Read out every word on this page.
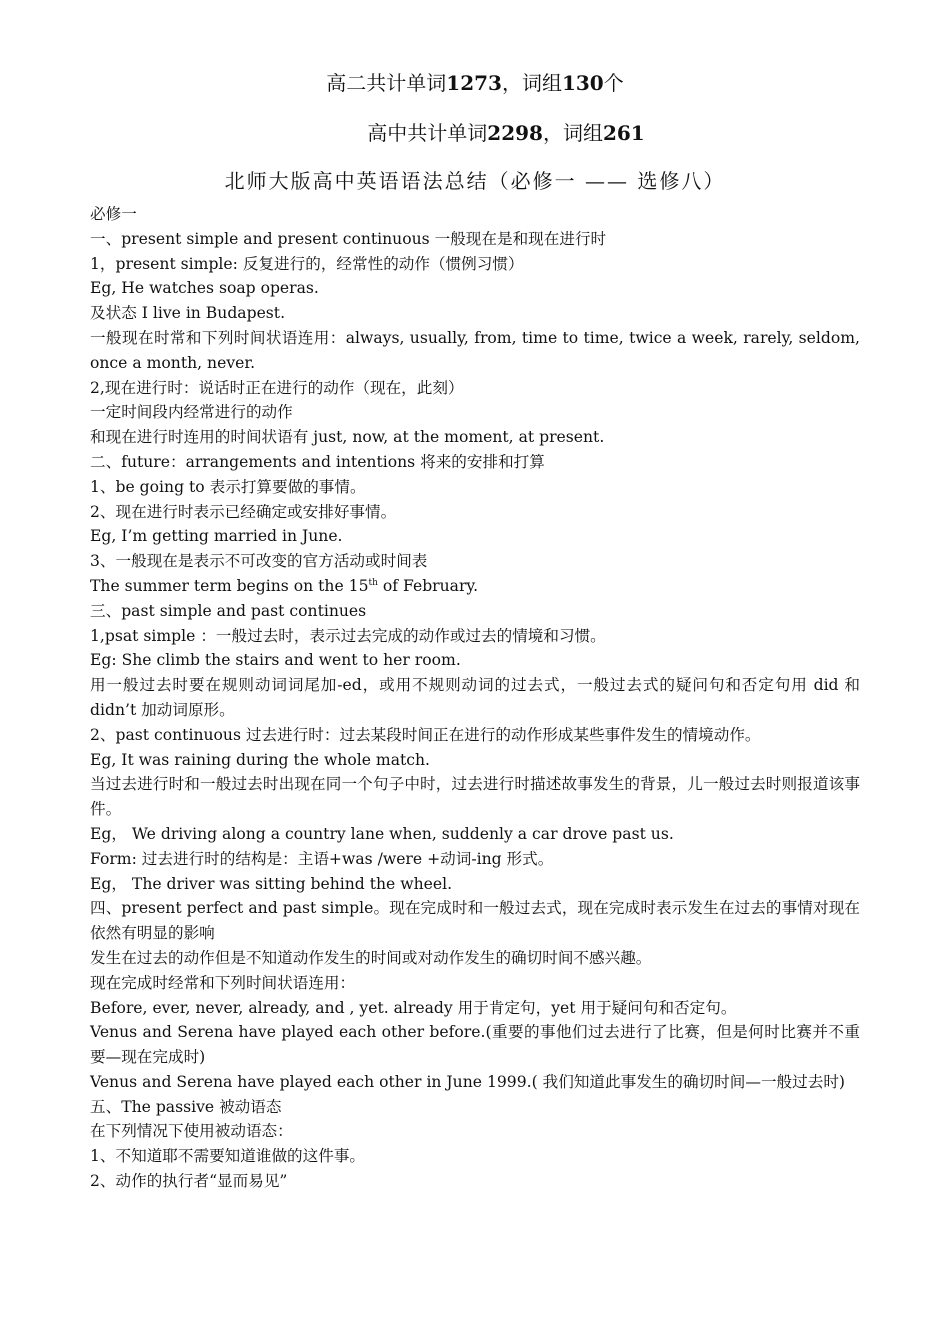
高二共计单词1273，词组130个
高中共计单词2298，词组261
北师大版高中英语语法总结（必修一 —— 选修八）

必修一

一、present simple and present continuous 一般现在是和现在进行时

1，present simple: 反复进行的，经常性的动作（惯例习惯）

Eg, He watches soap operas.

及状态 I live in Budapest.

一般现在时常和下列时间状语连用：always, usually, from, time to time, twice a week, rarely, seldom, once a month, never.

2,现在进行时：说话时正在进行的动作（现在，此刻）

一定时间段内经常进行的动作

和现在进行时连用的时间状语有 just, now, at the moment, at present.

二、future：arrangements and intentions 将来的安排和打算

1、be going to 表示打算要做的事情。

2、现在进行时表示已经确定或安排好事情。

Eg, I’m getting married in June.

3、一般现在是表示不可改变的官方活动或时间表

The summer term begins on the 15th of February.

三、past simple and past continues

1,psat simple ：一般过去时，表示过去完成的动作或过去的情境和习惯。

Eg: She climb the stairs and went to her room.

用一般过去时要在规则动词词尾加-ed，或用不规则动词的过去式，一般过去式的疑问句和否定句用 did 和 didn’t 加动词原形。

2、past continuous 过去进行时：过去某段时间正在进行的动作形成某些事件发生的情境动作。

Eg, It was raining during the whole match.

当过去进行时和一般过去时出现在同一个句子中时，过去进行时描述故事发生的背景，儿一般过去时则报道该事件。

Eg， We driving along a country lane when, suddenly a car drove past us.

Form: 过去进行时的结构是：主语+was /were +动词-ing 形式。

Eg， The driver was sitting behind the wheel.

四、present perfect and past simple。现在完成时和一般过去式，现在完成时表示发生在过去的事情对现在依然有明显的影响

发生在过去的动作但是不知道动作发生的时间或对动作发生的确切时间不感兴趣。

现在完成时经常和下列时间状语连用：

Before, ever, never, already, and , yet. already 用于肯定句，yet 用于疑问句和否定句。

Venus and Serena have played each other before.(重要的事他们过去进行了比赛，但是何时比赛并不重要—现在完成时)

Venus and Serena have played each other in June 1999.( 我们知道此事发生的确切时间—一般过去时)

五、The passive 被动语态

在下列情况下使用被动语态：

1、不知道耶不需要知道谁做的这件事。

2、动作的执行者“显而易见”
